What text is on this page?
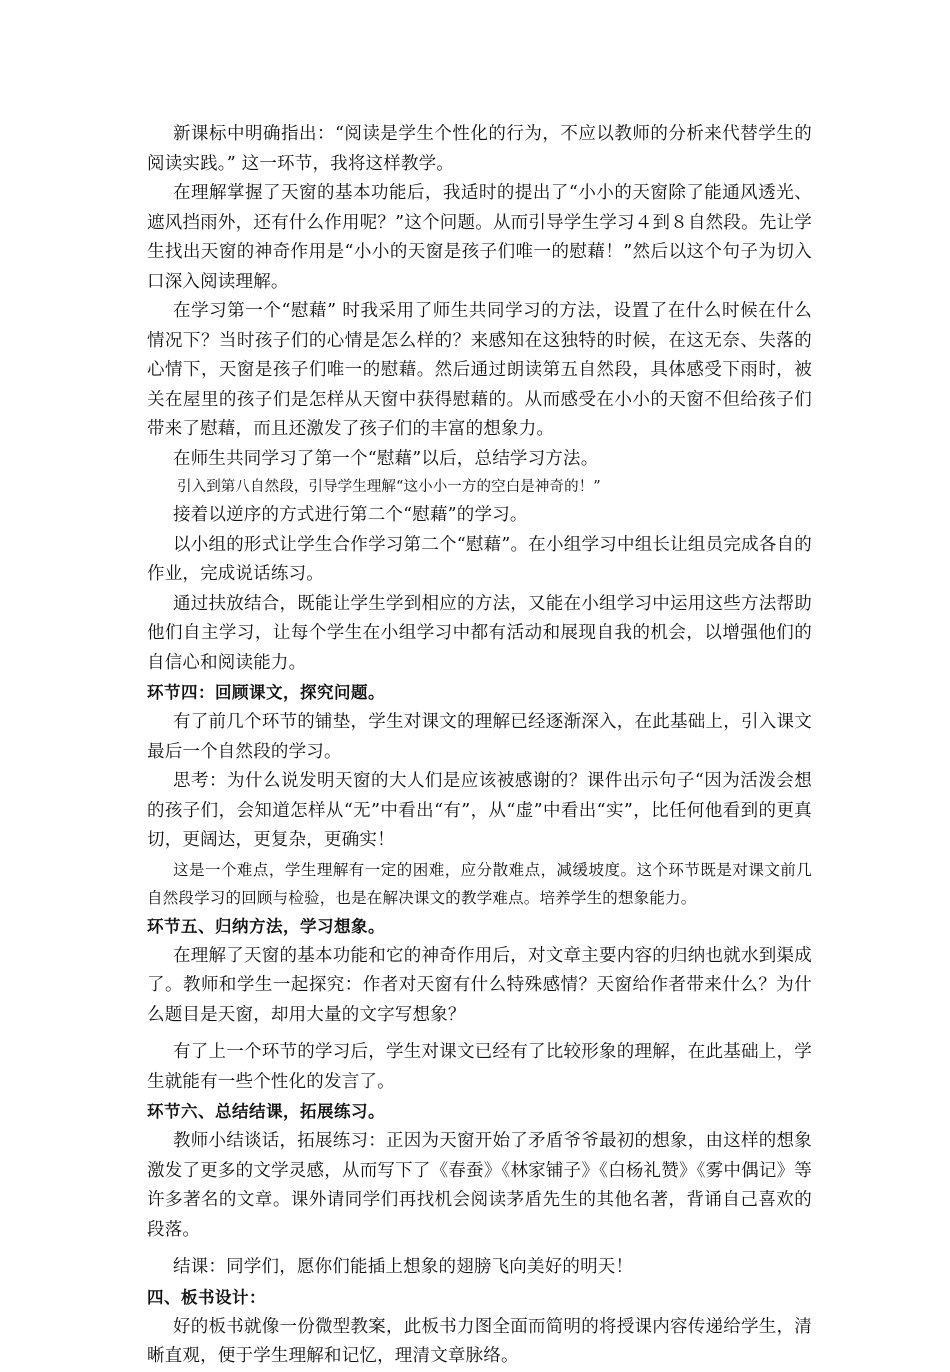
新课标中明确指出：“阅读是学生个性化的行为，不应以教师的分析来代替学生的阅读实践。” 这一环节，我将这样教学。

在理解掌握了天窗的基本功能后，我适时的提出了“小小的天窗除了能通风透光、遮风挡雨外，还有什么作用呢？”这个问题。从而引导学生学习４到８自然段。先让学生找出天窗的神奇作用是“小小的天窗是孩子们唯一的慰藉！”然后以这个句子为切入口深入阅读理解。

在学习第一个“慰藉” 时我采用了师生共同学习的方法，设置了在什么时候在什么情况下？当时孩子们的心情是怎么样的？来感知在这独特的时候，在这无奈、失落的心情下，天窗是孩子们唯一的慰藉。然后通过朗读第五自然段，具体感受下雨时，被关在屋里的孩子们是怎样从天窗中获得慰藉的。从而感受在小小的天窗不但给孩子们带来了慰藉，而且还激发了孩子们的丰富的想象力。

在师生共同学习了第一个“慰藉”以后，总结学习方法。

引入到第八自然段，引导学生理解“这小小一方的空白是神奇的！”

接着以逆序的方式进行第二个“慰藉”的学习。

以小组的形式让学生合作学习第二个“慰藉”。在小组学习中组长让组员完成各自的作业，完成说话练习。

通过扶放结合，既能让学生学到相应的方法，又能在小组学习中运用这些方法帮助他们自主学习，让每个学生在小组学习中都有活动和展现自我的机会，以增强他们的自信心和阅读能力。

环节四：回顾课文，探究问题。

有了前几个环节的铺垫，学生对课文的理解已经逐渐深入，在此基础上，引入课文最后一个自然段的学习。

思考：为什么说发明天窗的大人们是应该被感谢的？课件出示句子“因为活泼会想的孩子们，会知道怎样从“无”中看出“有”，从“虚”中看出“实”，比任何他看到的更真切，更阔达，更复杂，更确实！

这是一个难点，学生理解有一定的困难，应分散难点，减缓坡度。这个环节既是对课文前几自然段学习的回顾与检验，也是在解决课文的教学难点。培养学生的想象能力。

环节五、归纳方法，学习想象。

在理解了天窗的基本功能和它的神奇作用后，对文章主要内容的归纳也就水到渠成了。教师和学生一起探究：作者对天窗有什么特殊感情？天窗给作者带来什么？为什么题目是天窗，却用大量的文字写想象？

有了上一个环节的学习后，学生对课文已经有了比较形象的理解，在此基础上，学生就能有一些个性化的发言了。

环节六、总结结课，拓展练习。

教师小结谈话，拓展练习：正因为天窗开始了矛盾爷爷最初的想象，由这样的想象激发了更多的文学灵感，从而写下了《春蚕》《林家铺子》《白杨礼赞》《雾中偶记》等许多著名的文章。课外请同学们再找机会阅读茅盾先生的其他名著，背诵自己喜欢的段落。

结课：同学们，愿你们能插上想象的翅膀飞向美好的明天！

四、板书设计：

好的板书就像一份微型教案，此板书力图全面而简明的将授课内容传递给学生，清晰直观，便于学生理解和记忆，理清文章脉络。
